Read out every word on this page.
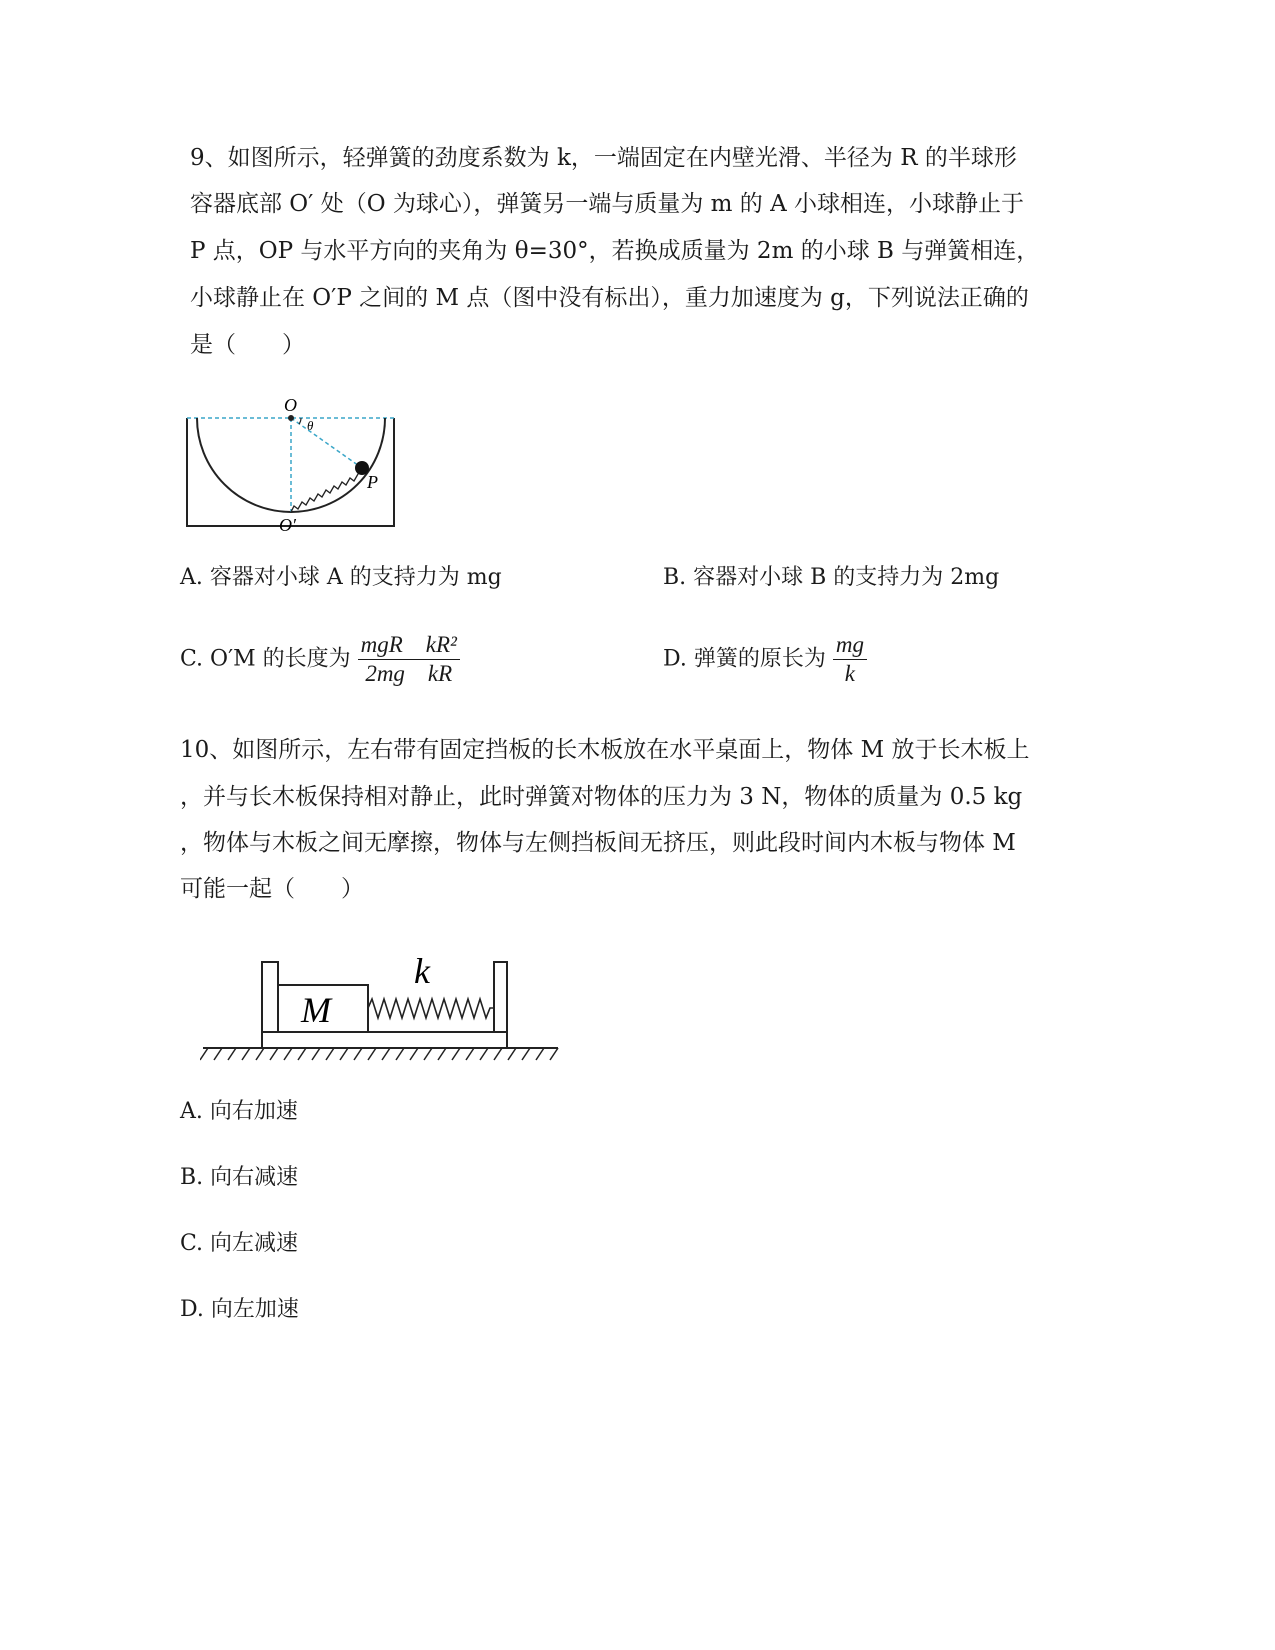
9、如图所示，轻弹簧的劲度系数为 k，一端固定在内壁光滑、半径为 R 的半球形
容器底部 O′ 处（O 为球心），弹簧另一端与质量为 m 的 A 小球相连，小球静止于
P 点，OP 与水平方向的夹角为 θ=30°，若换成质量为 2m 的小球 B 与弹簧相连，
小球静止在 O′P 之间的 M 点（图中没有标出），重力加速度为 g，下列说法正确的
是（　　）
O
θ
P
O′
A. 容器对小球 A 的支持力为 mg	B. 容器对小球 B 的支持力为 2mg
C. O′M 的长度为 $\frac{\text{mgR　kR²}}{\text{2mg　kR}}$	D. 弹簧的原长为 $\frac{mg}{k}$
10、如图所示，左右带有固定挡板的长木板放在水平桌面上，物体 M 放于长木板上
，并与长木板保持相对静止，此时弹簧对物体的压力为 3 N，物体的质量为 0.5 kg
，物体与木板之间无摩擦，物体与左侧挡板间无挤压，则此段时间内木板与物体 M
可能一起（　　）
M
k
A. 向右加速
B. 向右减速
C. 向左减速
D. 向左加速
